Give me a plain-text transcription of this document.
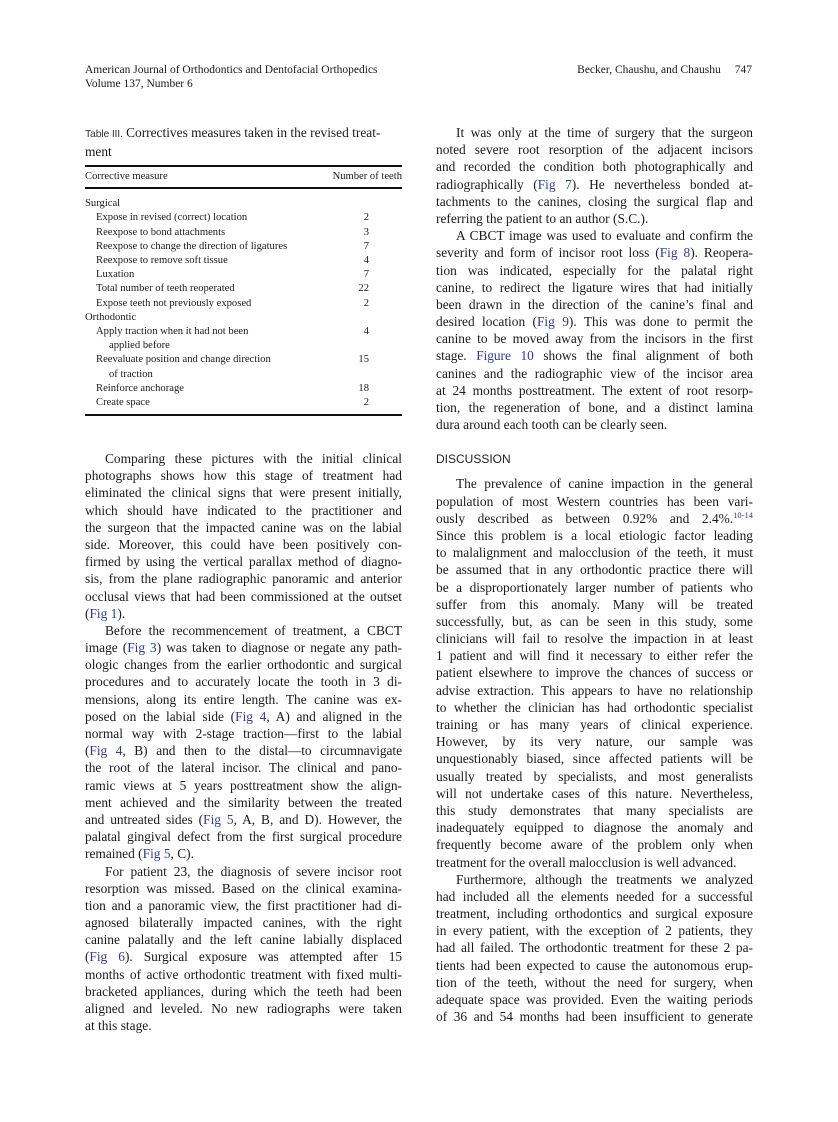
American Journal of Orthodontics and Dentofacial Orthopedics
Volume 137, Number 6
Becker, Chaushu, and Chaushu 747
Table III. Correctives measures taken in the revised treat-
ment
Corrective measure	Number of teeth
Surgical	
Expose in revised (correct) location	2
Reexpose to bond attachments	3
Reexpose to change the direction of ligatures	7
Reexpose to remove soft tissue	4
Luxation	7
Total number of teeth reoperated	22
Expose teeth not previously exposed	2
Orthodontic	
Apply traction when it had not been
applied before	4
Reevaluate position and change direction
of traction	15
Reinforce anchorage	18
Create space	2
Comparing these pictures with the initial clinical
photographs shows how this stage of treatment had
eliminated the clinical signs that were present initially,
which should have indicated to the practitioner and
the surgeon that the impacted canine was on the labial
side. Moreover, this could have been positively con-
firmed by using the vertical parallax method of diagno-
sis, from the plane radiographic panoramic and anterior
occlusal views that had been commissioned at the outset
(Fig 1).
Before the recommencement of treatment, a CBCT
image (Fig 3) was taken to diagnose or negate any path-
ologic changes from the earlier orthodontic and surgical
procedures and to accurately locate the tooth in 3 di-
mensions, along its entire length. The canine was ex-
posed on the labial side (Fig 4, A) and aligned in the
normal way with 2-stage traction—first to the labial
(Fig 4, B) and then to the distal—to circumnavigate
the root of the lateral incisor. The clinical and pano-
ramic views at 5 years posttreatment show the align-
ment achieved and the similarity between the treated
and untreated sides (Fig 5, A, B, and D). However, the
palatal gingival defect from the first surgical procedure
remained (Fig 5, C).
For patient 23, the diagnosis of severe incisor root
resorption was missed. Based on the clinical examina-
tion and a panoramic view, the first practitioner had di-
agnosed bilaterally impacted canines, with the right
canine palatally and the left canine labially displaced
(Fig 6). Surgical exposure was attempted after 15
months of active orthodontic treatment with fixed multi-
bracketed appliances, during which the teeth had been
aligned and leveled. No new radiographs were taken
at this stage.
It was only at the time of surgery that the surgeon
noted severe root resorption of the adjacent incisors
and recorded the condition both photographically and
radiographically (Fig 7). He nevertheless bonded at-
tachments to the canines, closing the surgical flap and
referring the patient to an author (S.C.).
A CBCT image was used to evaluate and confirm the
severity and form of incisor root loss (Fig 8). Reopera-
tion was indicated, especially for the palatal right
canine, to redirect the ligature wires that had initially
been drawn in the direction of the canine’s final and
desired location (Fig 9). This was done to permit the
canine to be moved away from the incisors in the first
stage. Figure 10 shows the final alignment of both
canines and the radiographic view of the incisor area
at 24 months posttreatment. The extent of root resorp-
tion, the regeneration of bone, and a distinct lamina
dura around each tooth can be clearly seen.
DISCUSSION
The prevalence of canine impaction in the general
population of most Western countries has been vari-
ously described as between 0.92% and 2.4%.$^{10-14}$
Since this problem is a local etiologic factor leading
to malalignment and malocclusion of the teeth, it must
be assumed that in any orthodontic practice there will
be a disproportionately larger number of patients who
suffer from this anomaly. Many will be treated
successfully, but, as can be seen in this study, some
clinicians will fail to resolve the impaction in at least
1 patient and will find it necessary to either refer the
patient elsewhere to improve the chances of success or
advise extraction. This appears to have no relationship
to whether the clinician has had orthodontic specialist
training or has many years of clinical experience.
However, by its very nature, our sample was
unquestionably biased, since affected patients will be
usually treated by specialists, and most generalists
will not undertake cases of this nature. Nevertheless,
this study demonstrates that many specialists are
inadequately equipped to diagnose the anomaly and
frequently become aware of the problem only when
treatment for the overall malocclusion is well advanced.
Furthermore, although the treatments we analyzed
had included all the elements needed for a successful
treatment, including orthodontics and surgical exposure
in every patient, with the exception of 2 patients, they
had all failed. The orthodontic treatment for these 2 pa-
tients had been expected to cause the autonomous erup-
tion of the teeth, without the need for surgery, when
adequate space was provided. Even the waiting periods
of 36 and 54 months had been insufficient to generate
